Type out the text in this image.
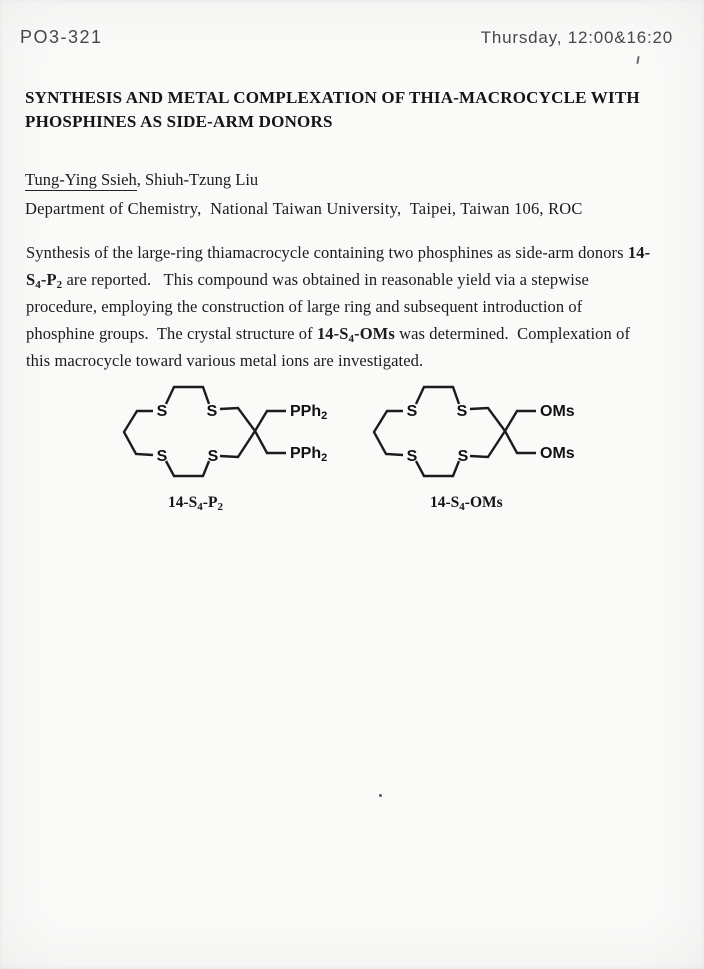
PO3-321	Thursday, 12:00&16:20
SYNTHESIS AND METAL COMPLEXATION OF THIA-MACROCYCLE WITH
PHOSPHINES AS SIDE-ARM DONORS
Tung-Ying Ssieh, Shiuh-Tzung Liu
Department of Chemistry,  National Taiwan University,  Taipei, Taiwan 106, ROC
Synthesis of the large-ring thiamacrocycle containing two phosphines as side-arm donors 14-
$S_4-P_2$ are reported.   This compound was obtained in reasonable yield via a stepwise
procedure, employing the construction of large ring and subsequent introduction of
phosphine groups.  The crystal structure of $14-S_4$-OMs was determined.  Complexation of
this macrocycle toward various metal ions are investigated.
S S
S	S
PPh2
PPh2
$14-S_4-P_2$
S S
S	S
OMs
OMs
$14-S_4$-OMs
